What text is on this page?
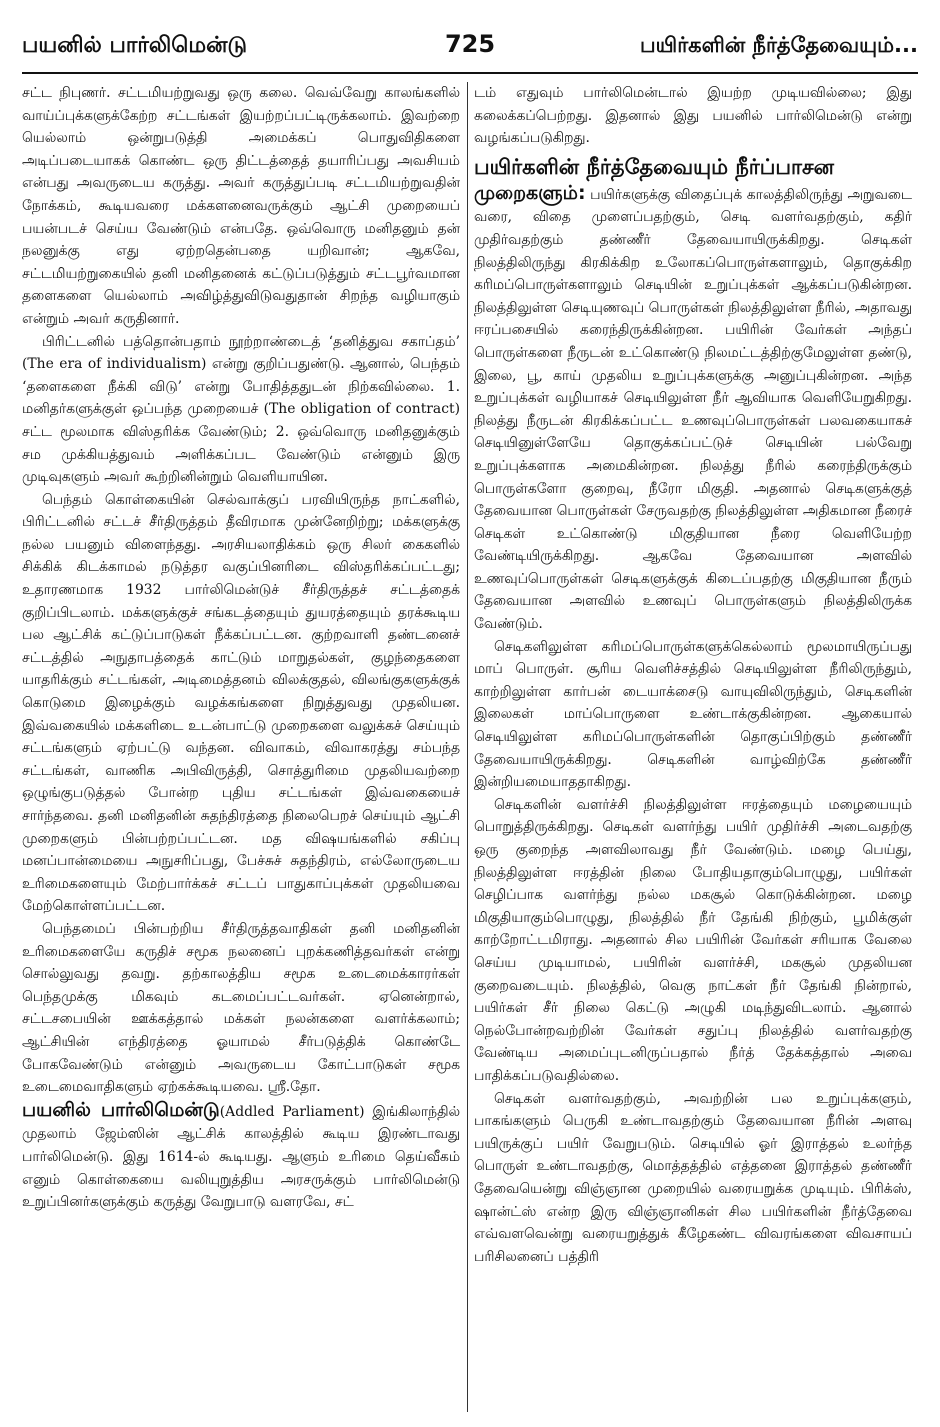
பயனில் பார்லிமென்டு	725	பயிர்களின் நீர்த்தேவையும்...

சட்ட நிபுணர். சட்டமியற்றுவது ஒரு கலை. வெவ்வேறு காலங்களில் வாய்ப்புக்களுக்கேற்ற சட்டங்கள் இயற்றப்பட்டிருக்கலாம். இவற்றை யெல்லாம் ஒன்றுபடுத்தி அமைக்கப் பொதுவிதிகளை அடிப்படையாகக் கொண்ட ஒரு திட்டத்தைத் தயாரிப்பது அவசியம் என்பது அவருடைய கருத்து. அவர் கருத்துப்படி சட்டமியற்றுவதின் நோக்கம், கூடியவரை மக்களனைவருக்கும் ஆட்சி முறையைப் பயன்படச் செய்ய வேண்டும் என்பதே. ஒவ்வொரு மனிதனும் தன் நலனுக்கு எது ஏற்றதென்பதை யறிவான்; ஆகவே, சட்டமியற்றுகையில் தனி மனிதனைக் கட்டுப்படுத்தும் சட்டபூர்வமான தளைகளை யெல்லாம் அவிழ்த்துவிடுவதுதான் சிறந்த வழியாகும் என்றும் அவர் கருதினார்.

பிரிட்டனில் பத்தொன்பதாம் நூற்றாண்டைத் ‘தனித்துவ சகாப்தம்’ (The era of individualism) என்று குறிப்பதுண்டு. ஆனால், பெந்தம் ‘தளைகளை நீக்கி விடு’ என்று போதித்ததுடன் நிற்கவில்லை. 1. மனிதர்களுக்குள் ஒப்பந்த முறையைச் (The obligation of contract) சட்ட மூலமாக விஸ்தரிக்க வேண்டும்; 2. ஒவ்வொரு மனிதனுக்கும் சம முக்கியத்துவம் அளிக்கப்பட வேண்டும் என்னும் இரு முடிவுகளும் அவர் கூற்றினின்றும் வெளியாயின.

பெந்தம் கொள்கையின் செல்வாக்குப் பரவியிருந்த நாட்களில், பிரிட்டனில் சட்டச் சீர்திருத்தம் தீவிரமாக முன்னேறிற்று; மக்களுக்கு நல்ல பயனும் விளைந்தது. அரசியலாதிக்கம் ஒரு சிலர் கைகளில் சிக்கிக் கிடக்காமல் நடுத்தர வகுப்பினரிடை விஸ்தரிக்கப்பட்டது; உதாரணமாக 1932 பார்லிமென்டுச் சீர்திருத்தச் சட்டத்தைக் குறிப்பிடலாம். மக்களுக்குச் சங்கடத்தையும் துயரத்தையும் தரக்கூடிய பல ஆட்சிக் கட்டுப்பாடுகள் நீக்கப்பட்டன. குற்றவாளி தண்டனைச் சட்டத்தில் அநுதாபத்தைக் காட்டும் மாறுதல்கள், குழந்தைகளை யாதரிக்கும் சட்டங்கள், அடிமைத்தனம் விலக்குதல், விலங்குகளுக்குக் கொடுமை இழைக்கும் வழக்கங்களை நிறுத்துவது முதலியன. இவ்வகையில் மக்களிடை உடன்பாட்டு முறைகளை வலுக்கச் செய்யும் சட்டங்களும் ஏற்பட்டு வந்தன. விவாகம், விவாகரத்து சம்பந்த சட்டங்கள், வாணிக அபிவிருத்தி, சொத்துரிமை முதலியவற்றை ஒழுங்குபடுத்தல் போன்ற புதிய சட்டங்கள் இவ்வகையைச் சார்ந்தவை. தனி மனிதனின் சுதந்திரத்தை நிலைபெறச் செய்யும் ஆட்சி முறைகளும் பின்பற்றப்பட்டன. மத விஷயங்களில் சகிப்பு மனப்பான்மையை அநுசரிப்பது, பேச்சுச் சுதந்திரம், எல்லோருடைய உரிமைகளையும் மேற்பார்க்கச் சட்டப் பாதுகாப்புக்கள் முதலியவை மேற்கொள்ளப்பட்டன.

பெந்தமைப் பின்பற்றிய சீர்திருத்தவாதிகள் தனி மனிதனின் உரிமைகளையே கருதிச் சமூக நலனைப் புறக்கணித்தவர்கள் என்று சொல்லுவது தவறு. தற்காலத்திய சமூக உடைமைக்காரர்கள் பெந்தமுக்கு மிகவும் கடமைப்பட்டவர்கள். ஏனென்றால், சட்டசபையின் ஊக்கத்தால் மக்கள் நலன்களை வளர்க்கலாம்; ஆட்சியின் எந்திரத்தை ஓயாமல் சீர்படுத்திக் கொண்டே போகவேண்டும் என்னும் அவருடைய கோட்பாடுகள் சமூக உடைமைவாதிகளும் ஏற்கக்கூடியவை. ஸ்ரீ.தோ.

பயனில் பார்லிமென்டு(Addled Parliament) இங்கிலாந்தில் முதலாம் ஜேம்ஸின் ஆட்சிக் காலத்தில் கூடிய இரண்டாவது பார்லிமென்டு. இது 1614-ல் கூடியது. ஆளும் உரிமை தெய்வீகம் எனும் கொள்கையை வலியுறுத்திய அரசருக்கும் பார்லிமென்டு உறுப்பினர்களுக்கும் கருத்து வேறுபாடு வளரவே, சட்

டம் எதுவும் பார்லிமென்டால் இயற்ற முடியவில்லை; இது கலைக்கப்பெற்றது. இதனால் இது பயனில் பார்லிமென்டு என்று வழங்கப்படுகிறது.

பயிர்களின் நீர்த்தேவையும் நீர்ப்பாசன

முறைகளும்: பயிர்களுக்கு விதைப்புக் காலத்திலிருந்து அறுவடை வரை, விதை முளைப்பதற்கும், செடி வளர்வதற்கும், கதிர் முதிர்வதற்கும் தண்ணீர் தேவையாயிருக்கிறது. செடிகள் நிலத்திலிருந்து கிரகிக்கிற உலோகப்பொருள்களாலும், தொகுக்கிற கரிமப்பொருள்களாலும் செடியின் உறுப்புக்கள் ஆக்கப்படுகின்றன. நிலத்திலுள்ள செடியுணவுப் பொருள்கள் நிலத்திலுள்ள நீரில், அதாவது ஈரப்பசையில் கரைந்திருக்கின்றன. பயிரின் வேர்கள் அந்தப் பொருள்களை நீருடன் உட்கொண்டு நிலமட்டத்திற்குமேலுள்ள தண்டு, இலை, பூ, காய் முதலிய உறுப்புக்களுக்கு அனுப்புகின்றன. அந்த உறுப்புக்கள் வழியாகச் செடியிலுள்ள நீர் ஆவியாக வெளியேறுகிறது. நிலத்து நீருடன் கிரகிக்கப்பட்ட உணவுப்பொருள்கள் பலவகையாகச் செடியினுள்ளேயே தொகுக்கப்பட்டுச் செடியின் பல்வேறு உறுப்புக்களாக அமைகின்றன. நிலத்து நீரில் கரைந்திருக்கும் பொருள்களோ குறைவு, நீரோ மிகுதி. அதனால் செடிகளுக்குத் தேவையான பொருள்கள் சேருவதற்கு நிலத்திலுள்ள அதிகமான நீரைச் செடிகள் உட்கொண்டு மிகுதியான நீரை வெளியேற்ற வேண்டியிருக்கிறது. ஆகவே தேவையான அளவில் உணவுப்பொருள்கள் செடிகளுக்குக் கிடைப்பதற்கு மிகுதியான நீரும் தேவையான அளவில் உணவுப் பொருள்களும் நிலத்திலிருக்க வேண்டும்.

செடிகளிலுள்ள கரிமப்பொருள்களுக்கெல்லாம் மூலமாயிருப்பது மாப் பொருள். சூரிய வெளிச்சத்தில் செடியிலுள்ள நீரிலிருந்தும், காற்றிலுள்ள கார்பன் டையாக்சைடு வாயுவிலிருந்தும், செடிகளின் இலைகள் மாப்பொருளை உண்டாக்குகின்றன. ஆகையால் செடியிலுள்ள கரிமப்பொருள்களின் தொகுப்பிற்கும் தண்ணீர் தேவையாயிருக்கிறது. செடிகளின் வாழ்விற்கே தண்ணீர் இன்றியமையாததாகிறது.

செடிகளின் வளர்ச்சி நிலத்திலுள்ள ஈரத்தையும் மழையையும் பொறுத்திருக்கிறது. செடிகள் வளர்ந்து பயிர் முதிர்ச்சி அடைவதற்கு ஒரு குறைந்த அளவிலாவது நீர் வேண்டும். மழை பெய்து, நிலத்திலுள்ள ஈரத்தின் நிலை போதியதாகும்பொழுது, பயிர்கள் செழிப்பாக வளர்ந்து நல்ல மகசூல் கொடுக்கின்றன. மழை மிகுதியாகும்பொழுது, நிலத்தில் நீர் தேங்கி நிற்கும், பூமிக்குள் காற்றோட்டமிராது. அதனால் சில பயிரின் வேர்கள் சரியாக வேலை செய்ய முடியாமல், பயிரின் வளர்ச்சி, மகசூல் முதலியன குறைவடையும். நிலத்தில், வெகு நாட்கள் நீர் தேங்கி நின்றால், பயிர்கள் சீர் நிலை கெட்டு அழுகி மடிந்துவிடலாம். ஆனால் நெல்போன்றவற்றின் வேர்கள் சதுப்பு நிலத்தில் வளர்வதற்கு வேண்டிய அமைப்புடனிருப்பதால் நீர்த் தேக்கத்தால் அவை பாதிக்கப்படுவதில்லை.

செடிகள் வளர்வதற்கும், அவற்றின் பல உறுப்புக்களும், பாகங்களும் பெருகி உண்டாவதற்கும் தேவையான நீரின் அளவு பயிருக்குப் பயிர் வேறுபடும். செடியில் ஓர் இராத்தல் உலர்ந்த பொருள் உண்டாவதற்கு, மொத்தத்தில் எத்தனை இராத்தல் தண்ணீர் தேவையென்று விஞ்ஞான முறையில் வரையறுக்க முடியும். பிரிக்ஸ், ஷான்ட்ஸ் என்ற இரு விஞ்ஞானிகள் சில பயிர்களின் நீர்த்தேவை எவ்வளவென்று வரையறுத்துக் கீழேகண்ட விவரங்களை விவசாயப் பரிசிலனைப் பத்திரி
